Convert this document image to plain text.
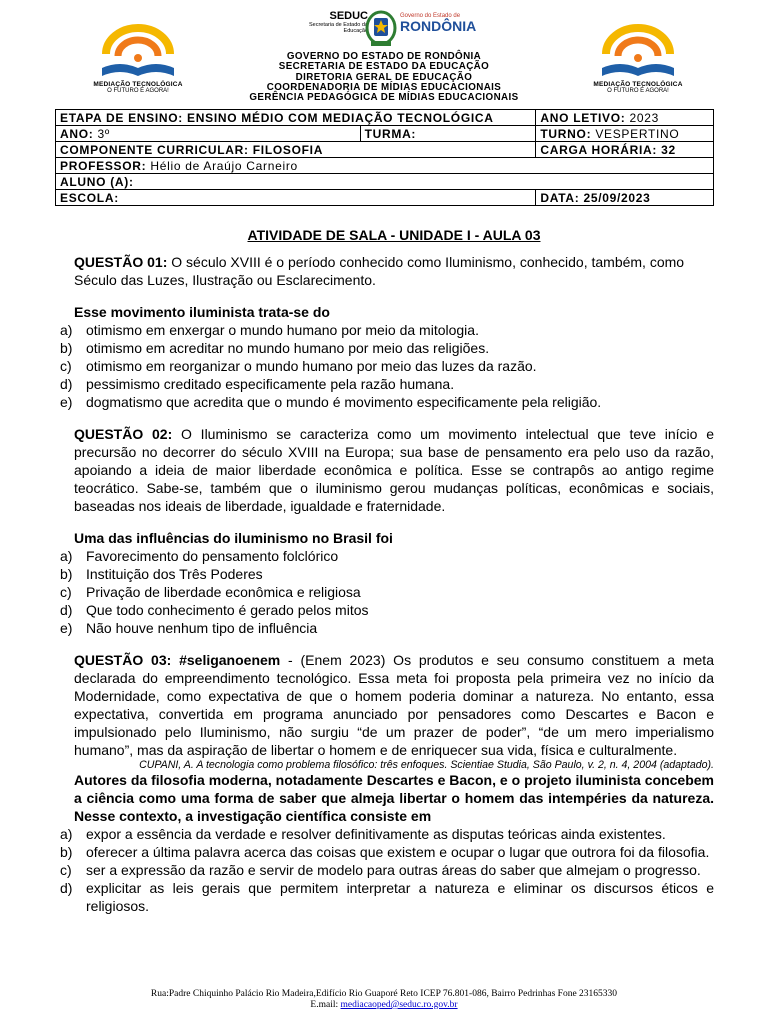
MEDIAÇÃO TECNOLÓGICA
O FUTURO É AGORA!
SEDUC
Secretaria de Estado da
Educação
Governo do Estado de
RONDÔNIA
MEDIAÇÃO TECNOLÓGICA
O FUTURO É AGORA!
GOVERNO DO ESTADO DE RONDÔNIA
SECRETARIA DE ESTADO DA EDUCAÇÃO
DIRETORIA GERAL DE EDUCAÇÃO
COORDENADORIA DE MÍDIAS EDUCACIONAIS
GERÊNCIA PEDAGÓGICA DE MÍDIAS EDUCACIONAIS
ETAPA DE ENSINO: ENSINO MÉDIO COM MEDIAÇÃO TECNOLÓGICA		ANO LETIVO: 2023
ANO: 3º	TURMA:	TURNO: VESPERTINO
COMPONENTE CURRICULAR: FILOSOFIA		CARGA HORÁRIA: 32
PROFESSOR: Hélio de Araújo Carneiro		
ALUNO (A):		
ESCOLA:		DATA: 25/09/2023
ATIVIDADE DE SALA - UNIDADE I - AULA 03

QUESTÃO 01: O século XVIII é o período conhecido como Iluminismo, conhecido, também, como Século das Luzes, Ilustração ou Esclarecimento.

Esse movimento iluminista trata-se do

a) otimismo em enxergar o mundo humano por meio da mitologia.
b) otimismo em acreditar no mundo humano por meio das religiões.
c) otimismo em reorganizar o mundo humano por meio das luzes da razão.
d) pessimismo creditado especificamente pela razão humana.
e) dogmatismo que acredita que o mundo é movimento especificamente pela religião.

QUESTÃO 02: O Iluminismo se caracteriza como um movimento intelectual que teve início e precursão no decorrer do século XVIII na Europa; sua base de pensamento era pelo uso da razão, apoiando a ideia de maior liberdade econômica e política. Esse se contrapôs ao antigo regime teocrático. Sabe-se, também que o iluminismo gerou mudanças políticas, econômicas e sociais, baseadas nos ideais de liberdade, igualdade e fraternidade.

Uma das influências do iluminismo no Brasil foi

a) Favorecimento do pensamento folclórico
b) Instituição dos Três Poderes
c) Privação de liberdade econômica e religiosa
d) Que todo conhecimento é gerado pelos mitos
e) Não houve nenhum tipo de influência

QUESTÃO 03: #seliganoenem - (Enem 2023) Os produtos e seu consumo constituem a meta declarada do empreendimento tecnológico. Essa meta foi proposta pela primeira vez no início da Modernidade, como expectativa de que o homem poderia dominar a natureza. No entanto, essa expectativa, convertida em programa anunciado por pensadores como Descartes e Bacon e impulsionado pelo Iluminismo, não surgiu “de um prazer de poder”, “de um mero imperialismo humano”, mas da aspiração de libertar o homem e de enriquecer sua vida, física e culturalmente.

CUPANI, A. A tecnologia como problema filosófico: três enfoques. Scientiae Studia, São Paulo, v. 2, n. 4, 2004 (adaptado).

Autores da filosofia moderna, notadamente Descartes e Bacon, e o projeto iluminista concebem a ciência como uma forma de saber que almeja libertar o homem das intempéries da natureza. Nesse contexto, a investigação científica consiste em

a) expor a essência da verdade e resolver definitivamente as disputas teóricas ainda existentes.
b) oferecer a última palavra acerca das coisas que existem e ocupar o lugar que outrora foi da filosofia.
c) ser a expressão da razão e servir de modelo para outras áreas do saber que almejam o progresso.
d) explicitar as leis gerais que permitem interpretar a natureza e eliminar os discursos éticos e religiosos.
Rua:Padre Chiquinho Palácio Rio Madeira,Edifício Rio Guaporé Reto ICEP 76.801-086, Bairro Pedrinhas Fone 23165330
E.mail: mediacaoped@seduc.ro.gov.br
